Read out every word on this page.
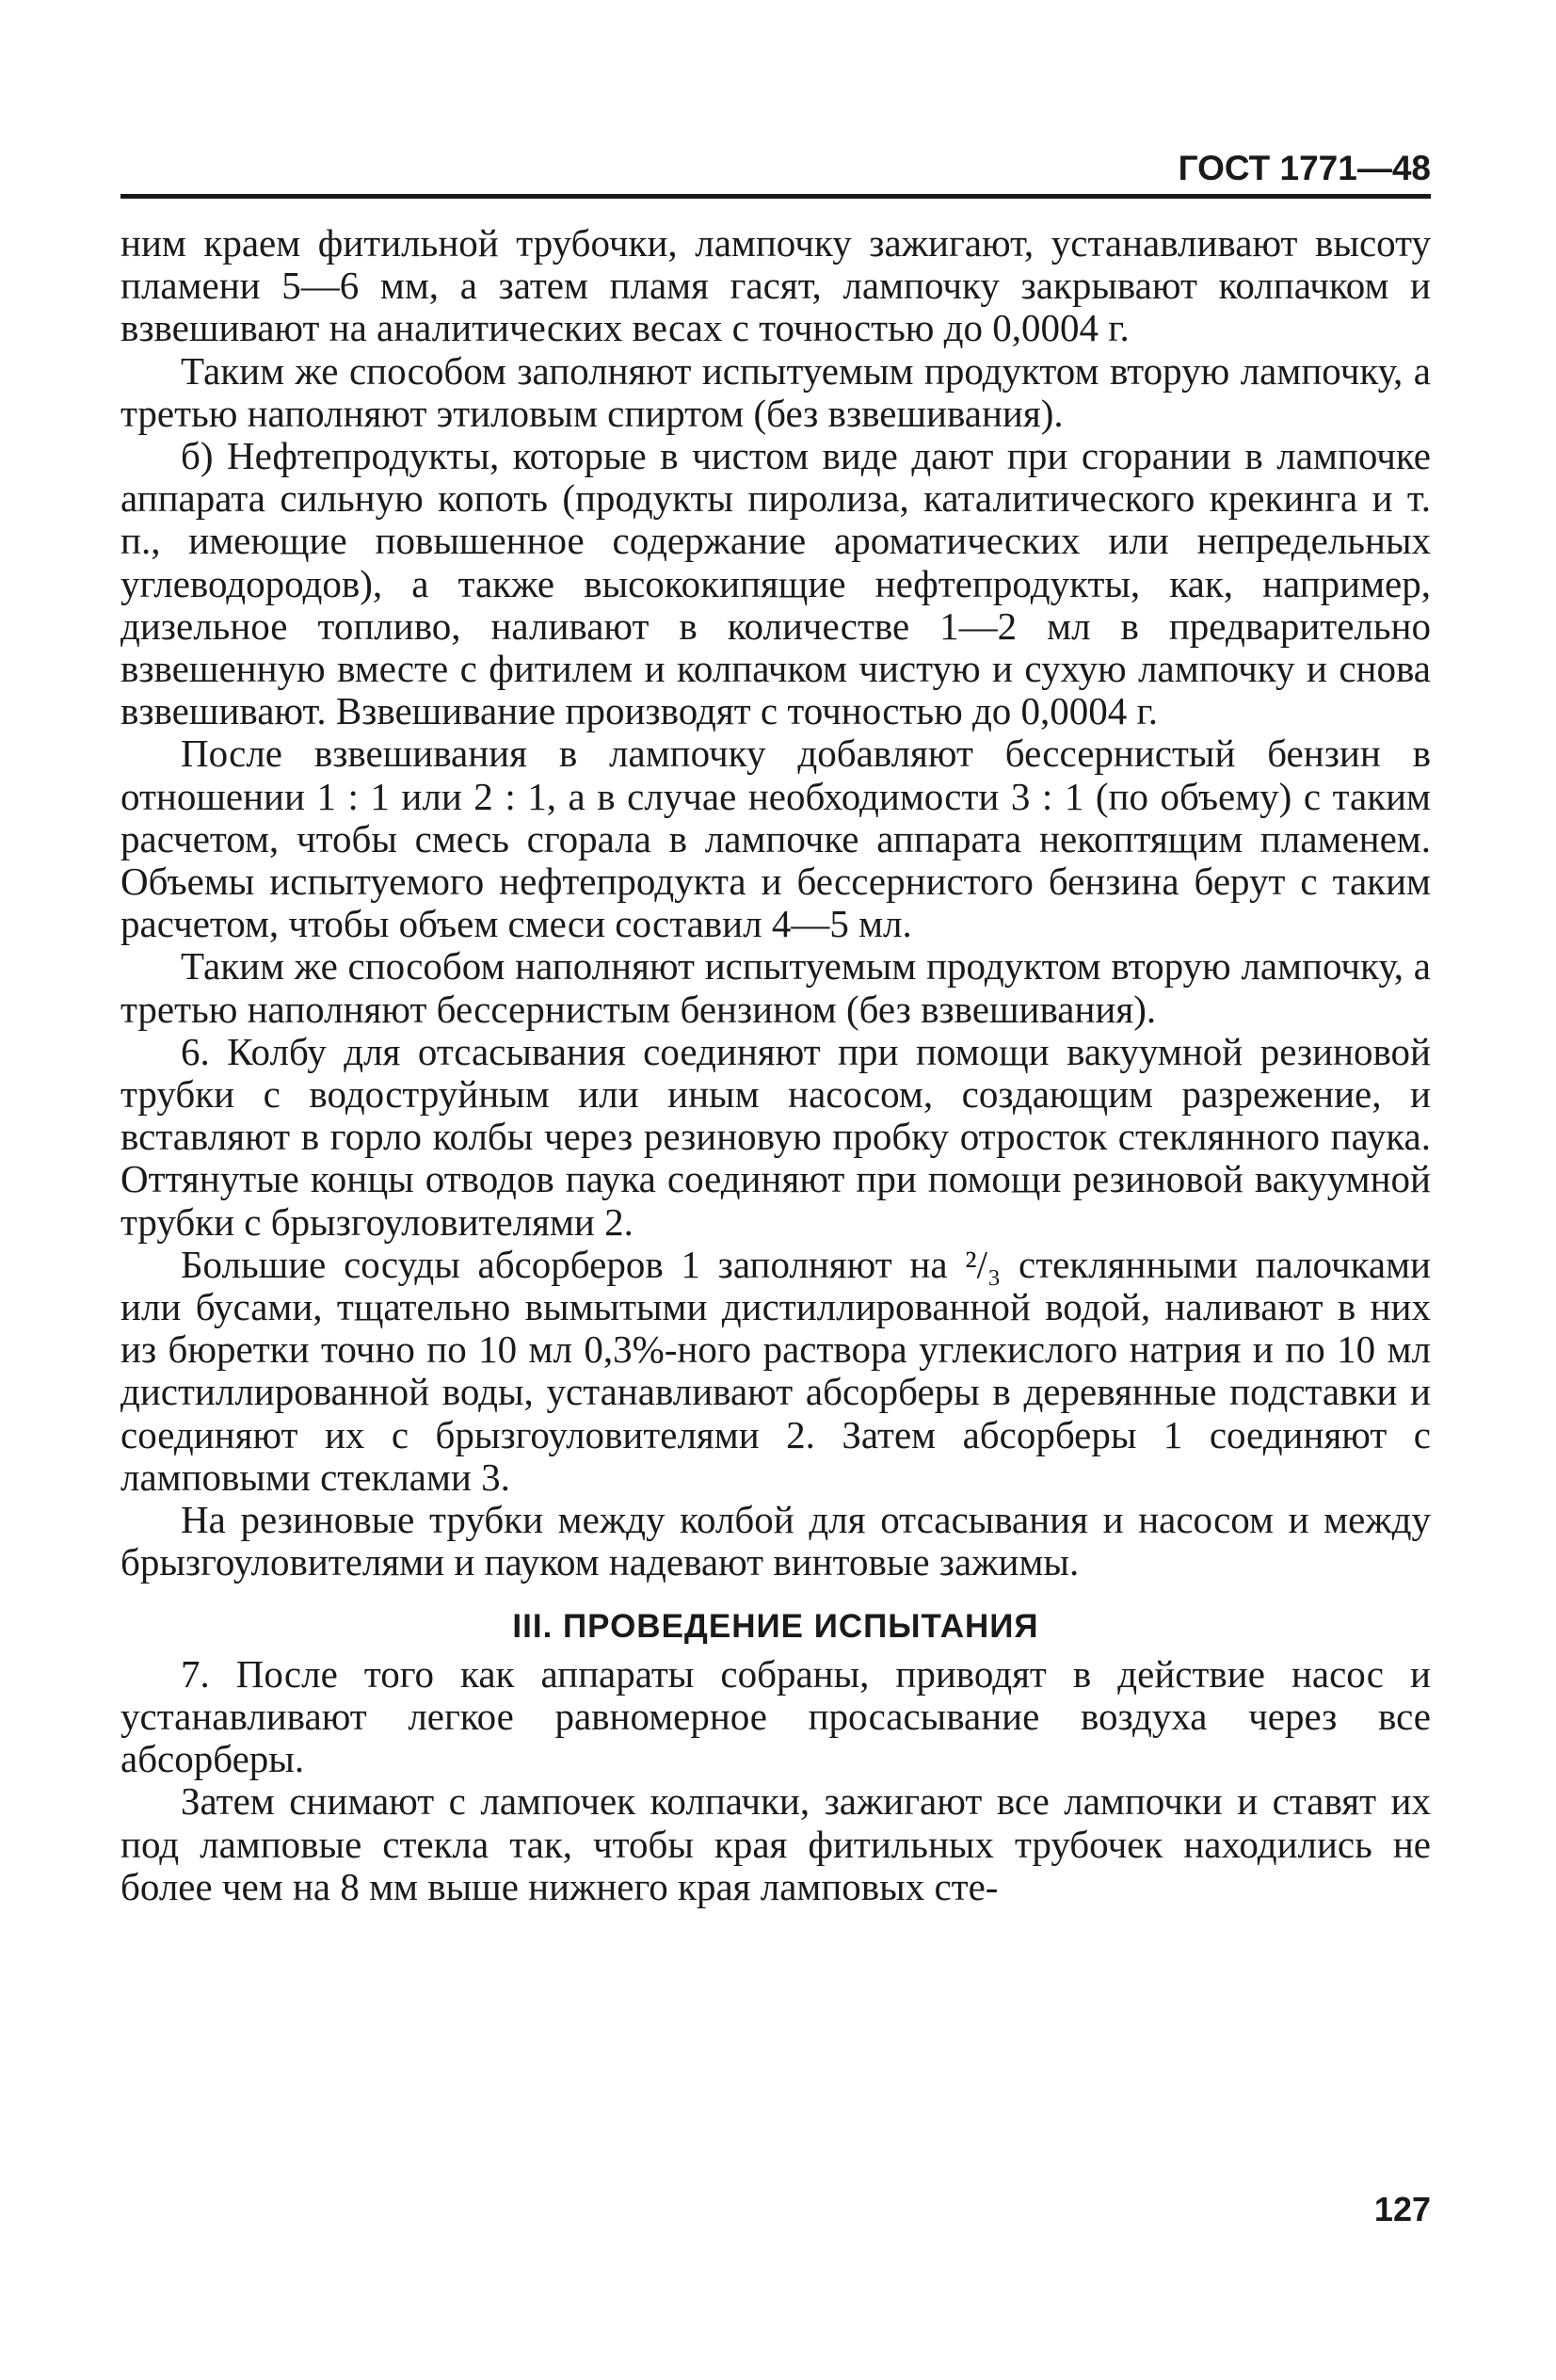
ГОСТ 1771—48

ним краем фитильной трубочки, лампочку зажигают, устанавливают высоту пламени 5—6 мм, а затем пламя гасят, лампочку закрывают колпачком и взвешивают на аналитических весах с точностью до 0,0004 г.

Таким же способом заполняют испытуемым продуктом вторую лампочку, а третью наполняют этиловым спиртом (без взвешивания).

б) Нефтепродукты, которые в чистом виде дают при сгорании в лампочке аппарата сильную копоть (продукты пиролиза, каталитического крекинга и т. п., имеющие повышенное содержание ароматических или непредельных углеводородов), а также высококипящие нефтепродукты, как, например, дизельное топливо, наливают в количестве 1—2 мл в предварительно взвешенную вместе с фитилем и колпачком чистую и сухую лампочку и снова взвешивают. Взвешивание производят с точностью до 0,0004 г.

После взвешивания в лампочку добавляют бессернистый бензин в отношении 1 : 1 или 2 : 1, а в случае необходимости 3 : 1 (по объему) с таким расчетом, чтобы смесь сгорала в лампочке аппарата некоптящим пламенем. Объемы испытуемого нефтепродукта и бессернистого бензина берут с таким расчетом, чтобы объем смеси составил 4—5 мл.

Таким же способом наполняют испытуемым продуктом вторую лампочку, а третью наполняют бессернистым бензином (без взвешивания).

6. Колбу для отсасывания соединяют при помощи вакуумной резиновой трубки с водоструйным или иным насосом, создающим разрежение, и вставляют в горло колбы через резиновую пробку отросток стеклянного паука. Оттянутые концы отводов паука соединяют при помощи резиновой вакуумной трубки с брызгоуловителями 2.

Большие сосуды абсорберов 1 заполняют на ²/₃ стеклянными палочками или бусами, тщательно вымытыми дистиллированной водой, наливают в них из бюретки точно по 10 мл 0,3%-ного раствора углекислого натрия и по 10 мл дистиллированной воды, устанавливают абсорберы в деревянные подставки и соединяют их с брызгоуловителями 2. Затем абсорберы 1 соединяют с ламповыми стеклами 3.

На резиновые трубки между колбой для отсасывания и насосом и между брызгоуловителями и пауком надевают винтовые зажимы.

III. ПРОВЕДЕНИЕ ИСПЫТАНИЯ

7. После того как аппараты собраны, приводят в действие насос и устанавливают легкое равномерное просасывание воздуха через все абсорберы.

Затем снимают с лампочек колпачки, зажигают все лампочки и ставят их под ламповые стекла так, чтобы края фитильных трубочек находились не более чем на 8 мм выше нижнего края ламповых сте-

127
